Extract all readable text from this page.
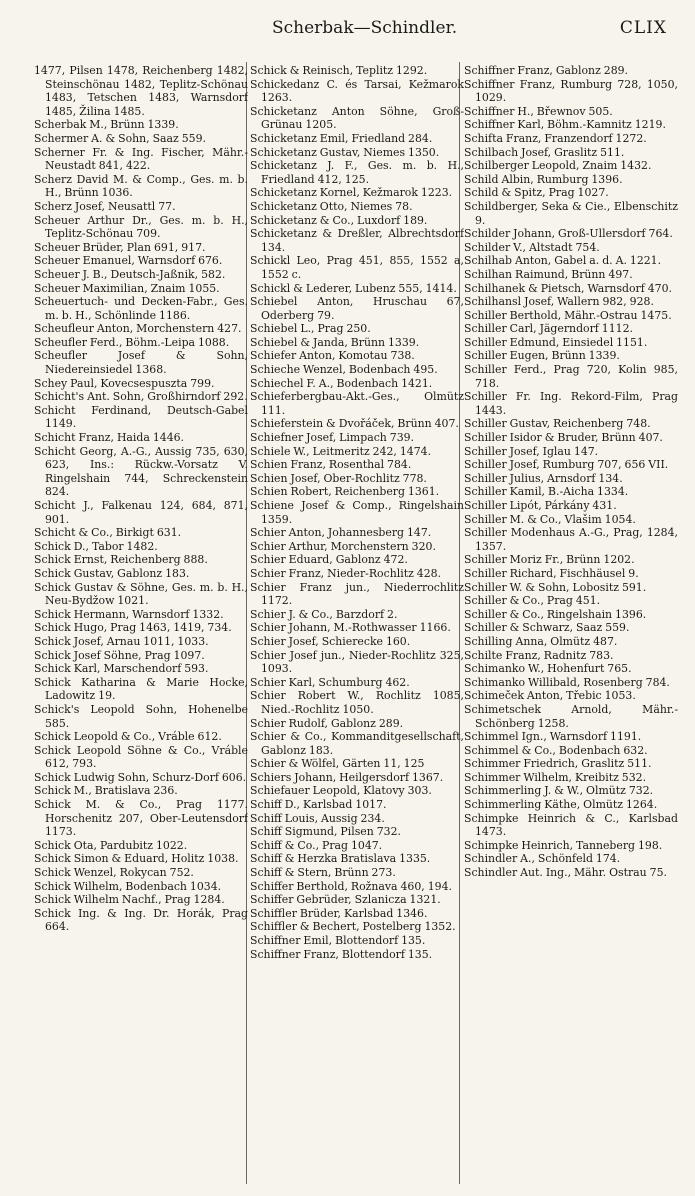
Scherbak—Schindler.	CLIX

1477, Pilsen 1478, Reichenberg 1482, Steinschönau 1482, Teplitz-Schönau 1483, Tetschen 1483, Warnsdorf 1485, Žilina 1485.

Scherbak M., Brünn 1339.

Schermer A. & Sohn, Saaz 559.

Scherner Fr. & Ing. Fischer, Mähr.-Neustadt 841, 422.

Scherz David M. & Comp., Ges. m. b. H., Brünn 1036.

Scherz Josef, Neusattl 77.

Scheuer Arthur Dr., Ges. m. b. H., Teplitz-Schönau 709.

Scheuer Brüder, Plan 691, 917.

Scheuer Emanuel, Warnsdorf 676.

Scheuer J. B., Deutsch-Jaßnik, 582.

Scheuer Maximilian, Znaim 1055.

Scheuertuch- und Decken-Fabr., Ges. m. b. H., Schönlinde 1186.

Scheufleur Anton, Morchenstern 427.

Scheufler Ferd., Böhm.-Leipa 1088.

Scheufler Josef & Sohn, Niedereinsiedel 1368.

Schey Paul, Kovecsespuszta 799.

Schicht's Ant. Sohn, Großhirndorf 292.

Schicht Ferdinand, Deutsch-Gabel 1149.

Schicht Franz, Haida 1446.

Schicht Georg, A.-G., Aussig 735, 630, 623, Ins.: Rückw.-Vorsatz V. Ringelshain 744, Schreckenstein 824.

Schicht J., Falkenau 124, 684, 871, 901.

Schicht & Co., Birkigt 631.

Schick D., Tabor 1482.

Schick Ernst, Reichenberg 888.

Schick Gustav, Gablonz 183.

Schick Gustav & Söhne, Ges. m. b. H., Neu-Bydžow 1021.

Schick Hermann, Warnsdorf 1332.

Schick Hugo, Prag 1463, 1419, 734.

Schick Josef, Arnau 1011, 1033.

Schick Josef Söhne, Prag 1097.

Schick Karl, Marschendorf 593.

Schick Katharina & Marie Hocke, Ladowitz 19.

Schick's Leopold Sohn, Hohenelbe 585.

Schick Leopold & Co., Vráble 612.

Schick Leopold Söhne & Co., Vráble 612, 793.

Schick Ludwig Sohn, Schurz-Dorf 606.

Schick M., Bratislava 236.

Schick M. & Co., Prag 1177. Horschenitz 207, Ober-Leutensdorf 1173.

Schick Ota, Pardubitz 1022.

Schick Simon & Eduard, Holitz 1038.

Schick Wenzel, Rokycan 752.

Schick Wilhelm, Bodenbach 1034.

Schick Wilhelm Nachf., Prag 1284.

Schick Ing. & Ing. Dr. Horák, Prag 664.

Schick & Reinisch, Teplitz 1292.

Schickedanz C. és Tarsai, Kežmarok 1263.

Schicketanz Anton Söhne, Groß-Grünau 1205.

Schicketanz Emil, Friedland 284.

Schicketanz Gustav, Niemes 1350.

Schicketanz J. F., Ges. m. b. H., Friedland 412, 125.

Schicketanz Kornel, Kežmarok 1223.

Schicketanz Otto, Niemes 78.

Schicketanz & Co., Luxdorf 189.

Schicketanz & Dreßler, Albrechtsdorf 134.

Schickl Leo, Prag 451, 855, 1552 a, 1552 c.

Schickl & Lederer, Lubenz 555, 1414.

Schiebel Anton, Hruschau 67, Oderberg 79.

Schiebel L., Prag 250.

Schiebel & Janda, Brünn 1339.

Schiefer Anton, Komotau 738.

Schieche Wenzel, Bodenbach 495.

Schiechel F. A., Bodenbach 1421.

Schieferbergbau-Akt.-Ges., Olmütz 111.

Schieferstein & Dvořáček, Brünn 407.

Schiefner Josef, Limpach 739.

Schiele W., Leitmeritz 242, 1474.

Schien Franz, Rosenthal 784.

Schien Josef, Ober-Rochlitz 778.

Schien Robert, Reichenberg 1361.

Schiene Josef & Comp., Ringelshain 1359.

Schier Anton, Johannesberg 147.

Schier Arthur, Morchenstern 320.

Schier Eduard, Gablonz 472.

Schier Franz, Nieder-Rochlitz 428.

Schier Franz jun., Niederrochlitz 1172.

Schier J. & Co., Barzdorf 2.

Schier Johann, M.-Rothwasser 1166.

Schier Josef, Schierecke 160.

Schier Josef jun., Nieder-Rochlitz 325, 1093.

Schier Karl, Schumburg 462.

Schier Robert W., Rochlitz 1085, Nied.-Rochlitz 1050.

Schier Rudolf, Gablonz 289.

Schier & Co., Kommanditgesellschaft, Gablonz 183.

Schier & Wölfel, Gärten 11, 125

Schiers Johann, Heilgersdorf 1367.

Schiefauer Leopold, Klatovy 303.

Schiff D., Karlsbad 1017.

Schiff Louis, Aussig 234.

Schiff Sigmund, Pilsen 732.

Schiff & Co., Prag 1047.

Schiff & Herzka Bratislava 1335.

Schiff & Stern, Brünn 273.

Schiffer Berthold, Rožnava 460, 194.

Schiffer Gebrüder, Szlanicza 1321.

Schiffler Brüder, Karlsbad 1346.

Schiffler & Bechert, Postelberg 1352.

Schiffner Emil, Blottendorf 135.

Schiffner Franz, Blottendorf 135.

Schiffner Franz, Gablonz 289.

Schiffner Franz, Rumburg 728, 1050, 1029.

Schiffner H., Břewnov 505.

Schiffner Karl, Böhm.-Kamnitz 1219.

Schifta Franz, Franzendorf 1272.

Schilbach Josef, Graslitz 511.

Schilberger Leopold, Znaim 1432.

Schild Albin, Rumburg 1396.

Schild & Spitz, Prag 1027.

Schildberger, Seka & Cie., Elbenschitz 9.

Schilder Johann, Groß-Ullersdorf 764.

Schilder V., Altstadt 754.

Schilhab Anton, Gabel a. d. A. 1221.

Schilhan Raimund, Brünn 497.

Schilhanek & Pietsch, Warnsdorf 470.

Schilhansl Josef, Wallern 982, 928.

Schiller Berthold, Mähr.-Ostrau 1475.

Schiller Carl, Jägerndorf 1112.

Schiller Edmund, Einsiedel 1151.

Schiller Eugen, Brünn 1339.

Schiller Ferd., Prag 720, Kolin 985, 718.

Schiller Fr. Ing. Rekord-Film, Prag 1443.

Schiller Gustav, Reichenberg 748.

Schiller Isidor & Bruder, Brünn 407.

Schiller Josef, Iglau 147.

Schiller Josef, Rumburg 707, 656 VII.

Schiller Julius, Arnsdorf 134.

Schiller Kamil, B.-Aicha 1334.

Schiller Lipót, Párkány 431.

Schiller M. & Co., Vlašim 1054.

Schiller Modenhaus A.-G., Prag, 1284, 1357.

Schiller Moriz Fr., Brünn 1202.

Schiller Richard, Fischhäusel 9.

Schiller W. & Sohn, Lobositz 591.

Schiller & Co., Prag 451.

Schiller & Co., Ringelshain 1396.

Schiller & Schwarz, Saaz 559.

Schilling Anna, Olmütz 487.

Schilte Franz, Radnitz 783.

Schimanko W., Hohenfurt 765.

Schimanko Willibald, Rosenberg 784.

Schimeček Anton, Třebic 1053.

Schimetschek Arnold, Mähr.-Schönberg 1258.

Schimmel Ign., Warnsdorf 1191.

Schimmel & Co., Bodenbach 632.

Schimmer Friedrich, Graslitz 511.

Schimmer Wilhelm, Kreibitz 532.

Schimmerling J. & W., Olmütz 732.

Schimmerling Käthe, Olmütz 1264.

Schimpke Heinrich & C., Karlsbad 1473.

Schimpke Heinrich, Tanneberg 198.

Schindler A., Schönfeld 174.

Schindler Aut. Ing., Mähr. Ostrau 75.
